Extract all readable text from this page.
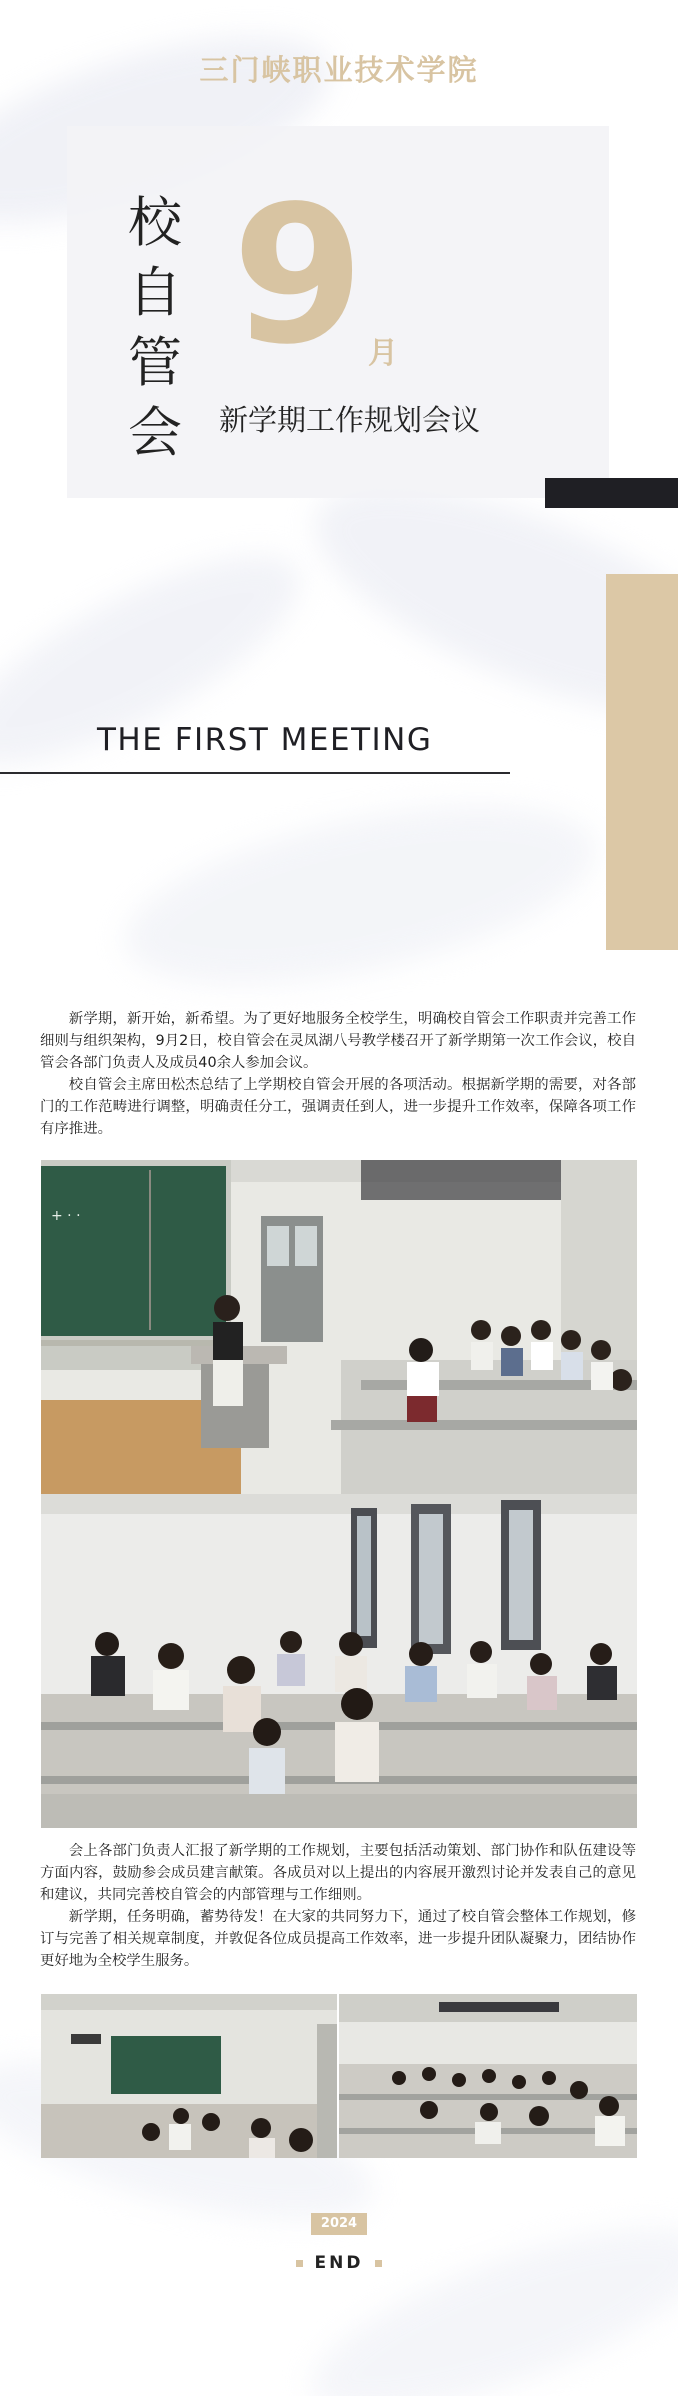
三门峡职业技术学院
校
自
管
会
9 月
新学期工作规划会议
THE FIRST MEETING

新学期，新开始，新希望。为了更好地服务全校学生，明确校自管会工作职责并完善工作细则与组织架构，9月2日，校自管会在灵凤湖八号教学楼召开了新学期第一次工作会议，校自管会各部门负责人及成员40余人参加会议。

校自管会主席田松杰总结了上学期校自管会开展的各项活动。根据新学期的需要，对各部门的工作范畴进行调整，明确责任分工，强调责任到人，进一步提升工作效率，保障各项工作有序推进。

+ · ·

会上各部门负责人汇报了新学期的工作规划，主要包括活动策划、部门协作和队伍建设等方面内容，鼓励参会成员建言献策。各成员对以上提出的内容展开激烈讨论并发表自己的意见和建议，共同完善校自管会的内部管理与工作细则。

新学期，任务明确，蓄势待发！在大家的共同努力下，通过了校自管会整体工作规划，修订与完善了相关规章制度，并敦促各位成员提高工作效率，进一步提升团队凝聚力，团结协作更好地为全校学生服务。

2024
END
